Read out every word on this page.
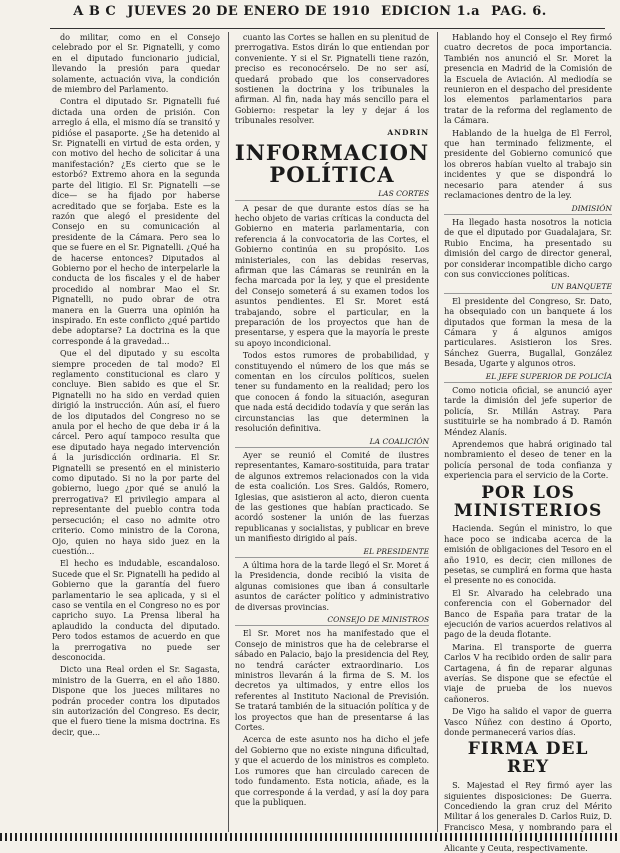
A B C JUEVES 20 DE ENERO DE 1910 EDICION 1.a PAG. 6.

do militar, como en el Consejo celebrado por el Sr. Pignatelli, y como en el diputado funcionario judicial, llevando la presión para quedar solamente, actuación viva, la condición de miembro del Parlamento.

Contra el diputado Sr. Pignatelli fué dictada una orden de prisión. Con arreglo á ella, el mismo día se transitó y pidióse el pasaporte. ¿Se ha detenido al Sr. Pignatelli en virtud de esta orden, y con motivo del hecho de solicitar á una manifestación? ¿Es cierto que se le estorbó? Extremo ahora en la segunda parte del litigio. El Sr. Pignatelli —se dice— se ha fijado por haberse acreditado que se forjaba. Este es la razón que alegó el presidente del Consejo en su comunicación al presidente de la Cámara. Pero sea lo que se fuere en el Sr. Pignatelli. ¿Qué ha de hacerse entonces? Diputados al Gobierno por el hecho de interpelarle la conducta de los fiscales y el de haber procedido al nombrar Mao el Sr. Pignatelli, no pudo obrar de otra manera en la Guerra una opinión ha inspirado. En este conflicto ¿qué partido debe adoptarse? La doctrina es la que corresponde á la gravedad...

Que el del diputado y su escolta siempre proceden de tal modo? El reglamento constitucional es claro y concluye. Bien sabido es que el Sr. Pignatelli no ha sido en verdad quien dirigió la instrucción. Aún así, el fuero de los diputados del Congreso no se anula por el hecho de que deba ir á la cárcel. Pero aquí tampoco resulta que ese diputado haya negado intervención á la jurisdicción ordinaria. El Sr. Pignatelli se presentó en el ministerio como diputado. Si no la por parte del gobierno, luego ¿por qué se anuló la prerrogativa? El privilegio ampara al representante del pueblo contra toda persecución; el caso no admite otro criterio. Como ministro de la Corona, Ojo, quien no haya sido juez en la cuestión...

El hecho es indudable, escandaloso. Sucede que el Sr. Pignatelli ha pedido al Gobierno que la garantía del fuero parlamentario le sea aplicada, y si el caso se ventila en el Congreso no es por capricho suyo. La Prensa liberal ha aplaudido la conducta del diputado. Pero todos estamos de acuerdo en que la prerrogativa no puede ser desconocida.

Dicto una Real orden el Sr. Sagasta, ministro de la Guerra, en el año 1880. Dispone que los jueces militares no podrán proceder contra los diputados sin autorización del Congreso. Es decir, que el fuero tiene la misma doctrina. Es decir, que...

cuanto las Cortes se hallen en su plenitud de prerrogativa. Estos dirán lo que entiendan por conveniente. Y si el Sr. Pignatelli tiene razón, preciso es reconocérselo. De no ser así, quedará probado que los conservadores sostienen la doctrina y los tribunales la afirman. Al fin, nada hay más sencillo para el Gobierno: respetar la ley y dejar á los tribunales resolver.

ANDRIN
INFORMACION POLÍTICA
LAS CORTES

A pesar de que durante estos días se ha hecho objeto de varias críticas la conducta del Gobierno en materia parlamentaria, con referencia á la convocatoria de las Cortes, el Gobierno continúa en su propósito. Los ministeriales, con las debidas reservas, afirman que las Cámaras se reunirán en la fecha marcada por la ley, y que el presidente del Consejo someterá á su examen todos los asuntos pendientes. El Sr. Moret está trabajando, sobre el particular, en la preparación de los proyectos que han de presentarse, y espera que la mayoría le preste su apoyo incondicional.

Todos estos rumores de probabilidad, y constituyendo el número de los que más se comentan en los círculos políticos, suelen tener su fundamento en la realidad; pero los que conocen á fondo la situación, aseguran que nada está decidido todavía y que serán las circunstancias las que determinen la resolución definitiva.

LA COALICIÓN

Ayer se reunió el Comité de ilustres representantes, Kamaro-sostituida, para tratar de algunos extremos relacionados con la vida de esta coalición. Los Sres. Galdós, Romero, Iglesias, que asistieron al acto, dieron cuenta de las gestiones que habían practicado. Se acordó sostener la unión de las fuerzas republicanas y socialistas, y publicar en breve un manifiesto dirigido al país.

EL PRESIDENTE

A última hora de la tarde llegó el Sr. Moret á la Presidencia, donde recibió la visita de algunas comisiones que iban á consultarle asuntos de carácter político y administrativo de diversas provincias.

CONSEJO DE MINISTROS

El Sr. Moret nos ha manifestado que el Consejo de ministros que ha de celebrarse el sábado en Palacio, bajo la presidencia del Rey, no tendrá carácter extraordinario. Los ministros llevarán á la firma de S. M. los decretos ya ultimados, y entre ellos los referentes al Instituto Nacional de Previsión. Se tratará también de la situación política y de los proyectos que han de presentarse á las Cortes.

Acerca de este asunto nos ha dicho el jefe del Gobierno que no existe ninguna dificultad, y que el acuerdo de los ministros es completo. Los rumores que han circulado carecen de todo fundamento. Esta noticia, añade, es la que corresponde á la verdad, y así la doy para que la publiquen.

Hablando hoy el Consejo el Rey firmó cuatro decretos de poca importancia. También nos anunció el Sr. Moret la presencia en Madrid de la Comisión de la Escuela de Aviación. Al mediodía se reunieron en el despacho del presidente los elementos parlamentarios para tratar de la reforma del reglamento de la Cámara.

Hablando de la huelga de El Ferrol, que han terminado felizmente, el presidente del Gobierno comunicó que los obreros habían vuelto al trabajo sin incidentes y que se dispondrá lo necesario para atender á sus reclamaciones dentro de la ley.

DIMISIÓN

Ha llegado hasta nosotros la noticia de que el diputado por Guadalajara, Sr. Rubio Encima, ha presentado su dimisión del cargo de director general, por considerar incompatible dicho cargo con sus convicciones políticas.

UN BANQUETE

El presidente del Congreso, Sr. Dato, ha obsequiado con un banquete á los diputados que forman la mesa de la Cámara y á algunos amigos particulares. Asistieron los Sres. Sánchez Guerra, Bugallal, González Besada, Ugarte y algunos otros.

EL JEFE SUPERIOR DE POLICÍA

Como noticia oficial, se anunció ayer tarde la dimisión del jefe superior de policía, Sr. Millán Astray. Para sustituirle se ha nombrado á D. Ramón Méndez Alanís.

Aprendemos que habrá originado tal nombramiento el deseo de tener en la policía personal de toda confianza y experiencia para el servicio de la Corte.

POR LOS MINISTERIOS

Hacienda. Según el ministro, lo que hace poco se indicaba acerca de la emisión de obligaciones del Tesoro en el año 1910, es decir, cien millones de pesetas, se cumplirá en forma que hasta el presente no es conocida.

El Sr. Alvarado ha celebrado una conferencia con el Gobernador del Banco de España para tratar de la ejecución de varios acuerdos relativos al pago de la deuda flotante.

Marina. El transporte de guerra Carlos V ha recibido orden de salir para Cartagena, á fin de reparar algunas averías. Se dispone que se efectúe el viaje de prueba de los nuevos cañoneros.

De Vigo ha salido el vapor de guerra Vasco Núñez con destino á Oporto, donde permanecerá varios días.

FIRMA DEL REY

S. Majestad el Rey firmó ayer las siguientes disposiciones: De Guerra. Concediendo la gran cruz del Mérito Militar á los generales D. Carlos Ruiz, D. Francisco Mesa, y nombrando para el Alicante y Ceuta, respectivamente.
